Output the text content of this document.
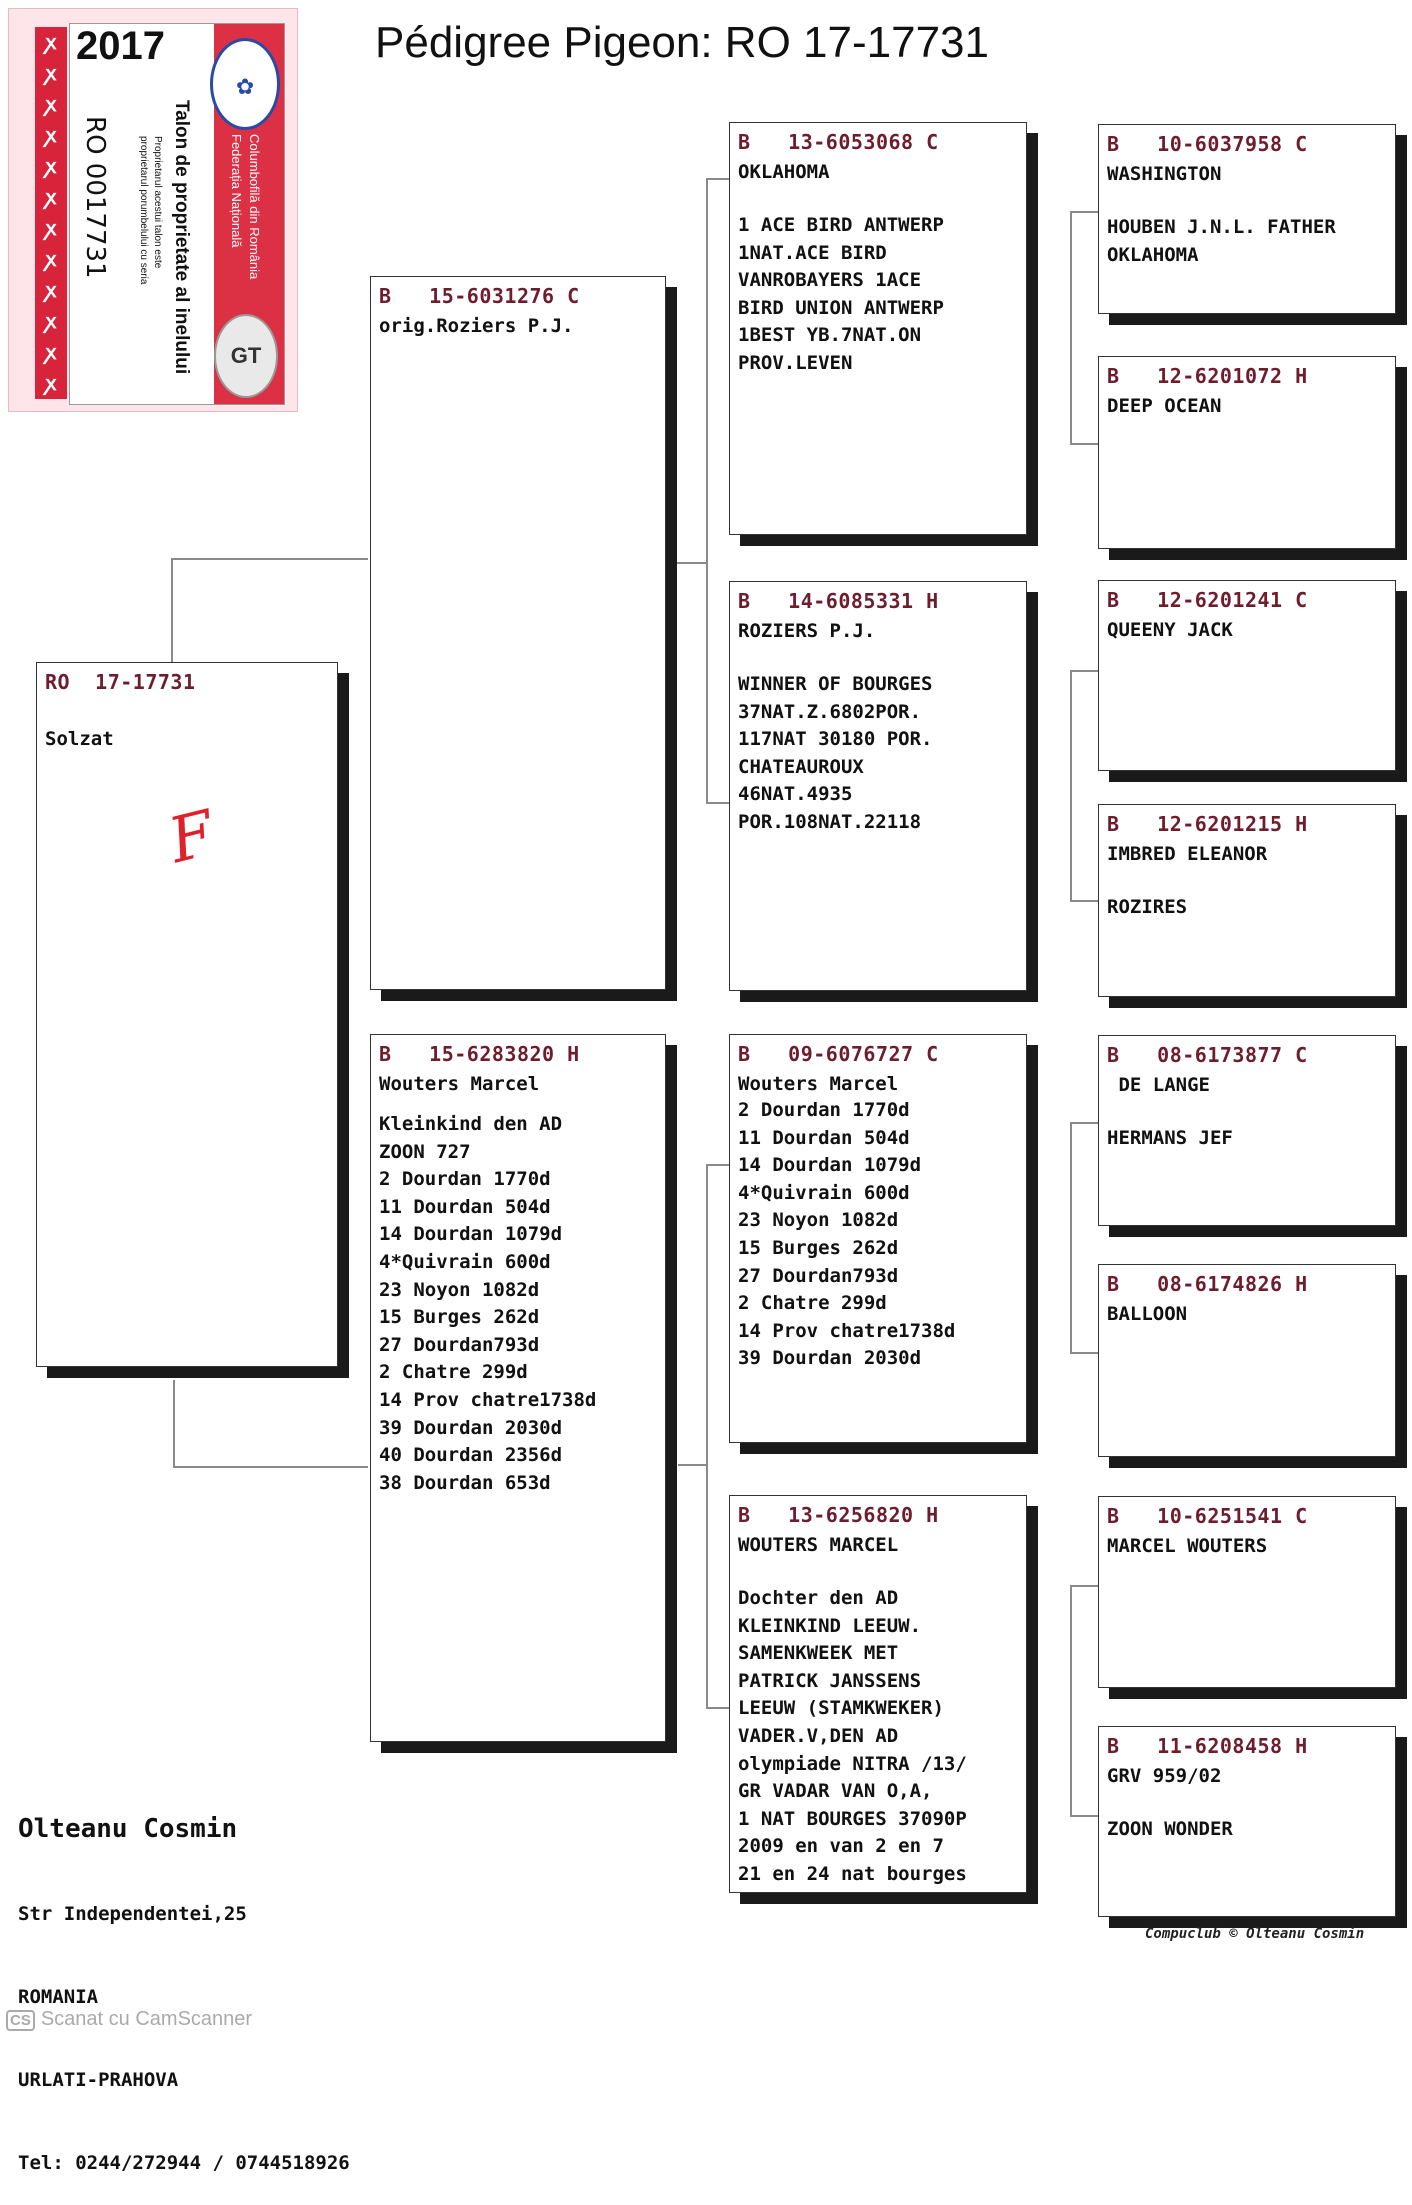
Pédigree Pigeon: RO 17-17731
ꭗ
ꭗ
ꭗ
ꭗ
ꭗ
ꭗ
ꭗ
ꭗ
ꭗ
ꭗ
ꭗ
ꭗ
2017
✿
Federația Națională Columbofilă din România
GT
Talon de proprietate al inelului
Proprietarul acestui talon este
proprietarul porumbelului cu seria
RO 0017731
RO  17-17731
Solzat
F
B   15-6031276 C
orig.Roziers P.J.
B   15-6283820 H
Wouters Marcel
Kleinkind den AD
ZOON 727
2 Dourdan 1770d
11 Dourdan 504d
14 Dourdan 1079d
4*Quivrain 600d
23 Noyon 1082d
15 Burges 262d
27 Dourdan793d
2 Chatre 299d
14 Prov chatre1738d
39 Dourdan 2030d
40 Dourdan 2356d
38 Dourdan 653d
B   13-6053068 C
OKLAHOMA
1 ACE BIRD ANTWERP
1NAT.ACE BIRD
VANROBAYERS 1ACE
BIRD UNION ANTWERP
1BEST YB.7NAT.ON
PROV.LEVEN
B   14-6085331 H
ROZIERS P.J.
WINNER OF BOURGES
37NAT.Z.6802POR.
117NAT 30180 POR.
CHATEAUROUX
46NAT.4935
POR.108NAT.22118
B   09-6076727 C
Wouters Marcel
2 Dourdan 1770d
11 Dourdan 504d
14 Dourdan 1079d
4*Quivrain 600d
23 Noyon 1082d
15 Burges 262d
27 Dourdan793d
2 Chatre 299d
14 Prov chatre1738d
39 Dourdan 2030d
B   13-6256820 H
WOUTERS MARCEL
Dochter den AD
KLEINKIND LEEUW.
SAMENKWEEK MET
PATRICK JANSSENS
LEEUW (STAMKWEKER)
VADER.V,DEN AD
olympiade NITRA /13/
GR VADAR VAN O,A,
1 NAT BOURGES 37090P
2009 en van 2 en 7
21 en 24 nat bourges
B   10-6037958 C
WASHINGTON
HOUBEN J.N.L. FATHER
OKLAHOMA
B   12-6201072 H
DEEP OCEAN
B   12-6201241 C
QUEENY JACK
B   12-6201215 H
IMBRED ELEANOR
ROZIRES
B   08-6173877 C
DE LANGE
HERMANS JEF
B   08-6174826 H
BALLOON
B   10-6251541 C
MARCEL WOUTERS
B   11-6208458 H
GRV 959/02
ZOON WONDER

Olteanu Cosmin

Str Independentei,25

ROMANIA

URLATI-PRAHOVA

Tel: 0244/272944 / 0744518926

Compuclub © Olteanu Cosmin
CS Scanat cu CamScanner
